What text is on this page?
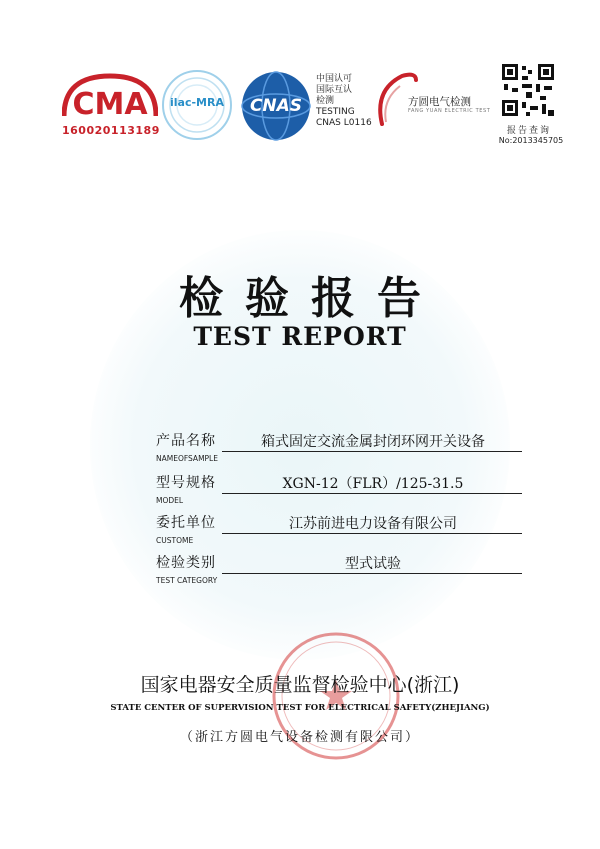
CMA
160020113189
ilac-MRA	CNAS
中国认可
国际互认
检测
TESTING
CNAS L0116
方圆电气检测
FANG YUAN ELECTRIC TEST
报告查询
No:2013345705
检验报告
TEST REPORT
产品名称	箱式固定交流金属封闭环网开关设备
NAMEOFSAMPLE
型号规格	XGN-12（FLR）/125-31.5
MODEL
委托单位	江苏前进电力设备有限公司
CUSTOME
检验类别	型式试验
TEST CATEGORY
国家电器安全质量监督检验中心(浙江)
STATE CENTER OF SUPERVISION TEST FOR ELECTRICAL SAFETY(ZHEJIANG)
（浙江方圆电气设备检测有限公司）
